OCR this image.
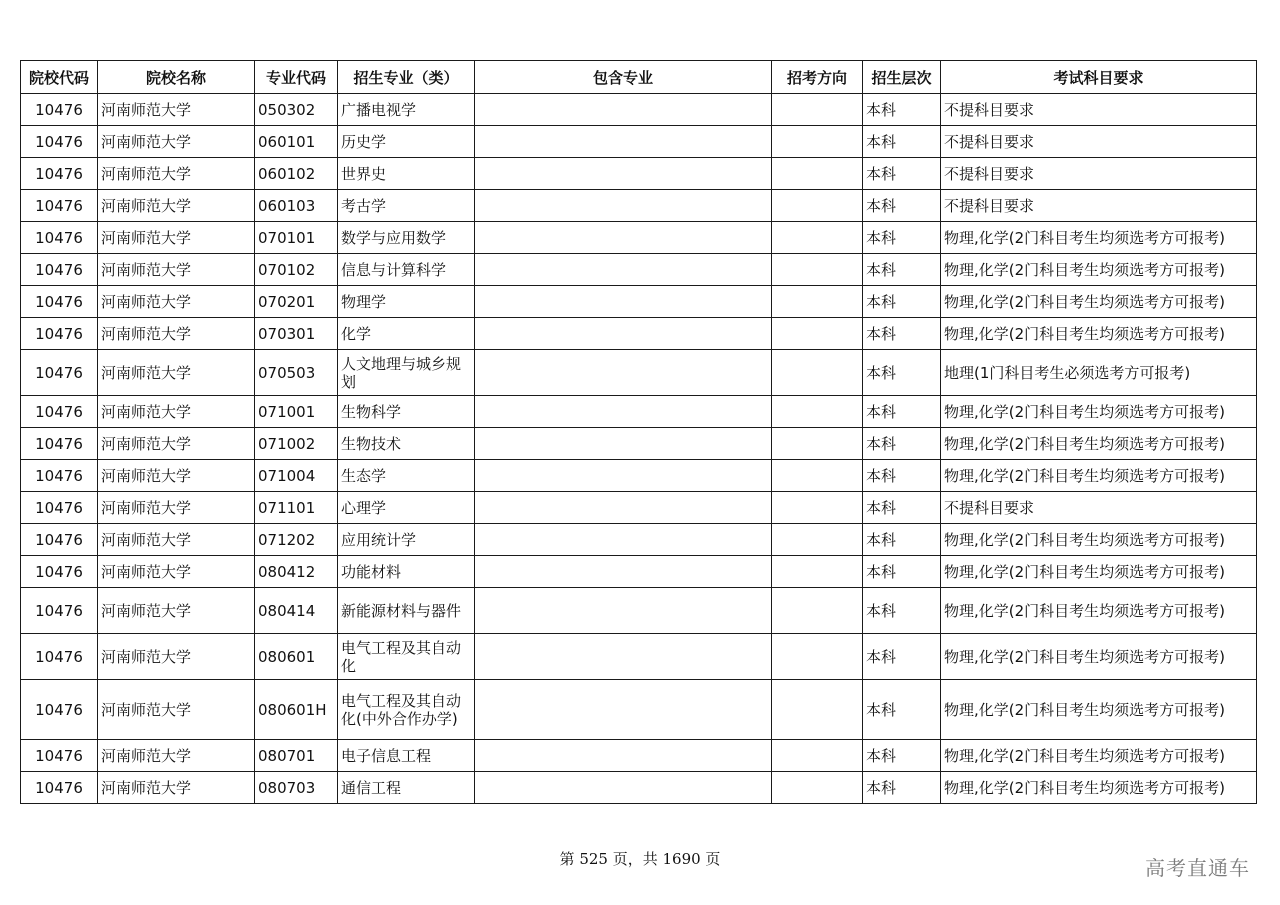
院校代码	院校名称	专业代码	招生专业（类）	包含专业	招考方向	招生层次	考试科目要求
10476	河南师范大学	050302	广播电视学			本科	不提科目要求
10476	河南师范大学	060101	历史学			本科	不提科目要求
10476	河南师范大学	060102	世界史			本科	不提科目要求
10476	河南师范大学	060103	考古学			本科	不提科目要求
10476	河南师范大学	070101	数学与应用数学			本科	物理,化学(2门科目考生均须选考方可报考)
10476	河南师范大学	070102	信息与计算科学			本科	物理,化学(2门科目考生均须选考方可报考)
10476	河南师范大学	070201	物理学			本科	物理,化学(2门科目考生均须选考方可报考)
10476	河南师范大学	070301	化学			本科	物理,化学(2门科目考生均须选考方可报考)
10476	河南师范大学	070503	人文地理与城乡规划			本科	地理(1门科目考生必须选考方可报考)
10476	河南师范大学	071001	生物科学			本科	物理,化学(2门科目考生均须选考方可报考)
10476	河南师范大学	071002	生物技术			本科	物理,化学(2门科目考生均须选考方可报考)
10476	河南师范大学	071004	生态学			本科	物理,化学(2门科目考生均须选考方可报考)
10476	河南师范大学	071101	心理学			本科	不提科目要求
10476	河南师范大学	071202	应用统计学			本科	物理,化学(2门科目考生均须选考方可报考)
10476	河南师范大学	080412	功能材料			本科	物理,化学(2门科目考生均须选考方可报考)
10476	河南师范大学	080414	新能源材料与器件			本科	物理,化学(2门科目考生均须选考方可报考)
10476	河南师范大学	080601	电气工程及其自动化			本科	物理,化学(2门科目考生均须选考方可报考)
10476	河南师范大学	080601H	电气工程及其自动化(中外合作办学)			本科	物理,化学(2门科目考生均须选考方可报考)
10476	河南师范大学	080701	电子信息工程			本科	物理,化学(2门科目考生均须选考方可报考)
10476	河南师范大学	080703	通信工程			本科	物理,化学(2门科目考生均须选考方可报考)
第 525 页，共 1690 页	高考直通车
